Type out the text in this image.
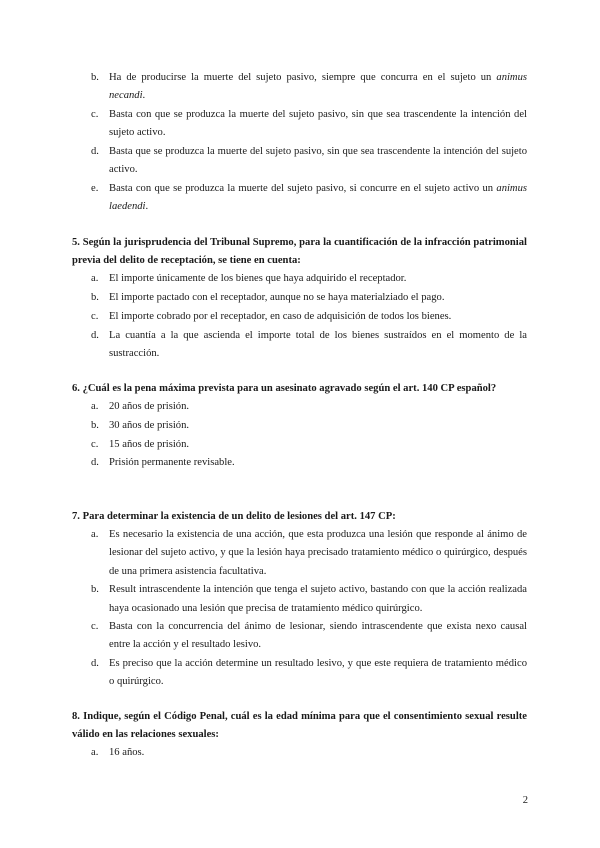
b. Ha de producirse la muerte del sujeto pasivo, siempre que concurra en el sujeto un animus necandi.
c. Basta con que se produzca la muerte del sujeto pasivo, sin que sea trascendente la intención del sujeto activo.
d. Basta que se produzca la muerte del sujeto pasivo, sin que sea trascendente la intención del sujeto activo.
e. Basta con que se produzca la muerte del sujeto pasivo, si concurre en el sujeto activo un animus laedendi.

5. Según la jurisprudencia del Tribunal Supremo, para la cuantificación de la infracción patrimonial previa del delito de receptación, se tiene en cuenta:

a. El importe únicamente de los bienes que haya adquirido el receptador.
b. El importe pactado con el receptador, aunque no se haya materialziado el pago.
c. El importe cobrado por el receptador, en caso de adquisición de todos los bienes.
d. La cuantía a la que ascienda el importe total de los bienes sustraídos en el momento de la sustracción.

6. ¿Cuál es la pena máxima prevista para un asesinato agravado según el art. 140 CP español?

a. 20 años de prisión.
b. 30 años de prisión.
c. 15 años de prisión.
d. Prisión permanente revisable.

7. Para determinar la existencia de un delito de lesiones del art. 147 CP:

a. Es necesario la existencia de una acción, que esta produzca una lesión que responde al ánimo de lesionar del sujeto activo, y que la lesión haya precisado tratamiento médico o quirúrgico, después de una primera asistencia facultativa.
b. Result intrascendente la intención que tenga el sujeto activo, bastando con que la acción realizada haya ocasionado una lesión que precisa de tratamiento médico quirúrgico.
c. Basta con la concurrencia del ánimo de lesionar, siendo intrascendente que exista nexo causal entre la acción y el resultado lesivo.
d. Es preciso que la acción determine un resultado lesivo, y que este requiera de tratamiento médico o quirúrgico.

8. Indique, según el Código Penal, cuál es la edad mínima para que el consentimiento sexual resulte válido en las relaciones sexuales:

a. 16 años.
2
